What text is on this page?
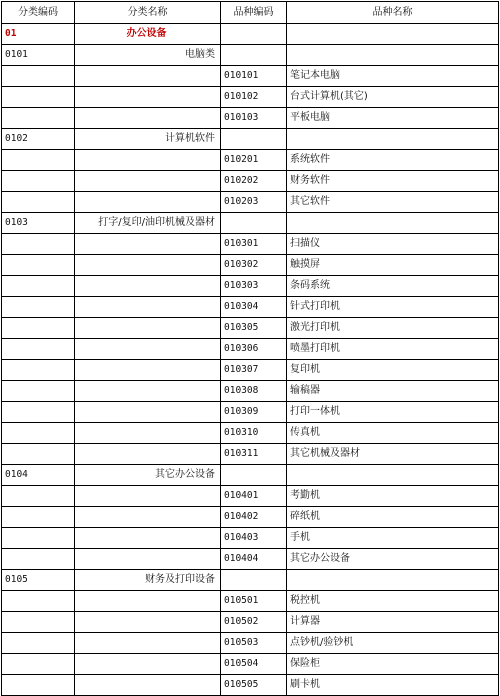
分类编码	分类名称	品种编码	品种名称
01	办公设备		
0101	电脑类		
		010101	笔记本电脑
		010102	台式计算机(其它)
		010103	平板电脑
0102	计算机软件		
		010201	系统软件
		010202	财务软件
		010203	其它软件
0103	打字/复印/油印机械及器材		
		010301	扫描仪
		010302	触摸屏
		010303	条码系统
		010304	针式打印机
		010305	激光打印机
		010306	喷墨打印机
		010307	复印机
		010308	输稿器
		010309	打印一体机
		010310	传真机
		010311	其它机械及器材
0104	其它办公设备		
		010401	考勤机
		010402	碎纸机
		010403	手机
		010404	其它办公设备
0105	财务及打印设备		
		010501	税控机
		010502	计算器
		010503	点钞机/验钞机
		010504	保险柜
		010505	刷卡机
